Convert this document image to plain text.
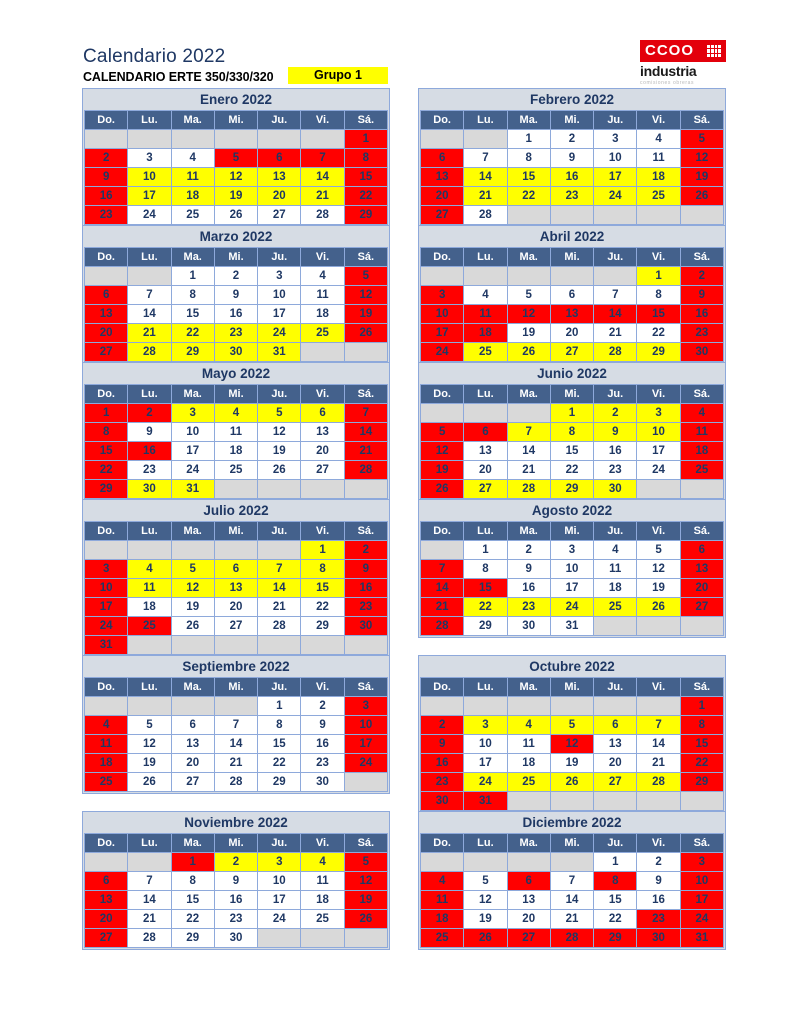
Calendario 2022
CALENDARIO ERTE 350/330/320	Grupo 1
CCOO
industria
comisiones obreras
Enero 2022
Do.	Lu.	Ma.	Mi.	Ju.	Vi.	Sá.
						1
2	3	4	5	6	7	8
9	10	11	12	13	14	15
16	17	18	19	20	21	22
23	24	25	26	27	28	29

Febrero 2022
Do.	Lu.	Ma.	Mi.	Ju.	Vi.	Sá.
		1	2	3	4	5
6	7	8	9	10	11	12
13	14	15	16	17	18	19
20	21	22	23	24	25	26
27	28					
Marzo 2022
Do.	Lu.	Ma.	Mi.	Ju.	Vi.	Sá.
		1	2	3	4	5
6	7	8	9	10	11	12
13	14	15	16	17	18	19
20	21	22	23	24	25	26
27	28	29	30	31		
Abril 2022
Do.	Lu.	Ma.	Mi.	Ju.	Vi.	Sá.
					1	2
3	4	5	6	7	8	9
10	11	12	13	14	15	16
17	18	19	20	21	22	23
24	25	26	27	28	29	30
Mayo 2022
Do.	Lu.	Ma.	Mi.	Ju.	Vi.	Sá.
1	2	3	4	5	6	7
8	9	10	11	12	13	14
15	16	17	18	19	20	21
22	23	24	25	26	27	28
29	30	31				
Junio 2022
Do.	Lu.	Ma.	Mi.	Ju.	Vi.	Sá.
			1	2	3	4
5	6	7	8	9	10	11
12	13	14	15	16	17	18
19	20	21	22	23	24	25
26	27	28	29	30		
Julio 2022
Do.	Lu.	Ma.	Mi.	Ju.	Vi.	Sá.
					1	2
3	4	5	6	7	8	9
10	11	12	13	14	15	16
17	18	19	20	21	22	23
24	25	26	27	28	29	30
31						
Agosto 2022
Do.	Lu.	Ma.	Mi.	Ju.	Vi.	Sá.
	1	2	3	4	5	6
7	8	9	10	11	12	13
14	15	16	17	18	19	20
21	22	23	24	25	26	27
28	29	30	31			
Septiembre 2022
Do.	Lu.	Ma.	Mi.	Ju.	Vi.	Sá.
				1	2	3
4	5	6	7	8	9	10
11	12	13	14	15	16	17
18	19	20	21	22	23	24
25	26	27	28	29	30	
Octubre 2022
Do.	Lu.	Ma.	Mi.	Ju.	Vi.	Sá.
						1
2	3	4	5	6	7	8
9	10	11	12	13	14	15
16	17	18	19	20	21	22
23	24	25	26	27	28	29
30	31					
Noviembre 2022
Do.	Lu.	Ma.	Mi.	Ju.	Vi.	Sá.
		1	2	3	4	5
6	7	8	9	10	11	12
13	14	15	16	17	18	19
20	21	22	23	24	25	26
27	28	29	30			
Diciembre 2022
Do.	Lu.	Ma.	Mi.	Ju.	Vi.	Sá.
				1	2	3
4	5	6	7	8	9	10
11	12	13	14	15	16	17
18	19	20	21	22	23	24
25	26	27	28	29	30	31
